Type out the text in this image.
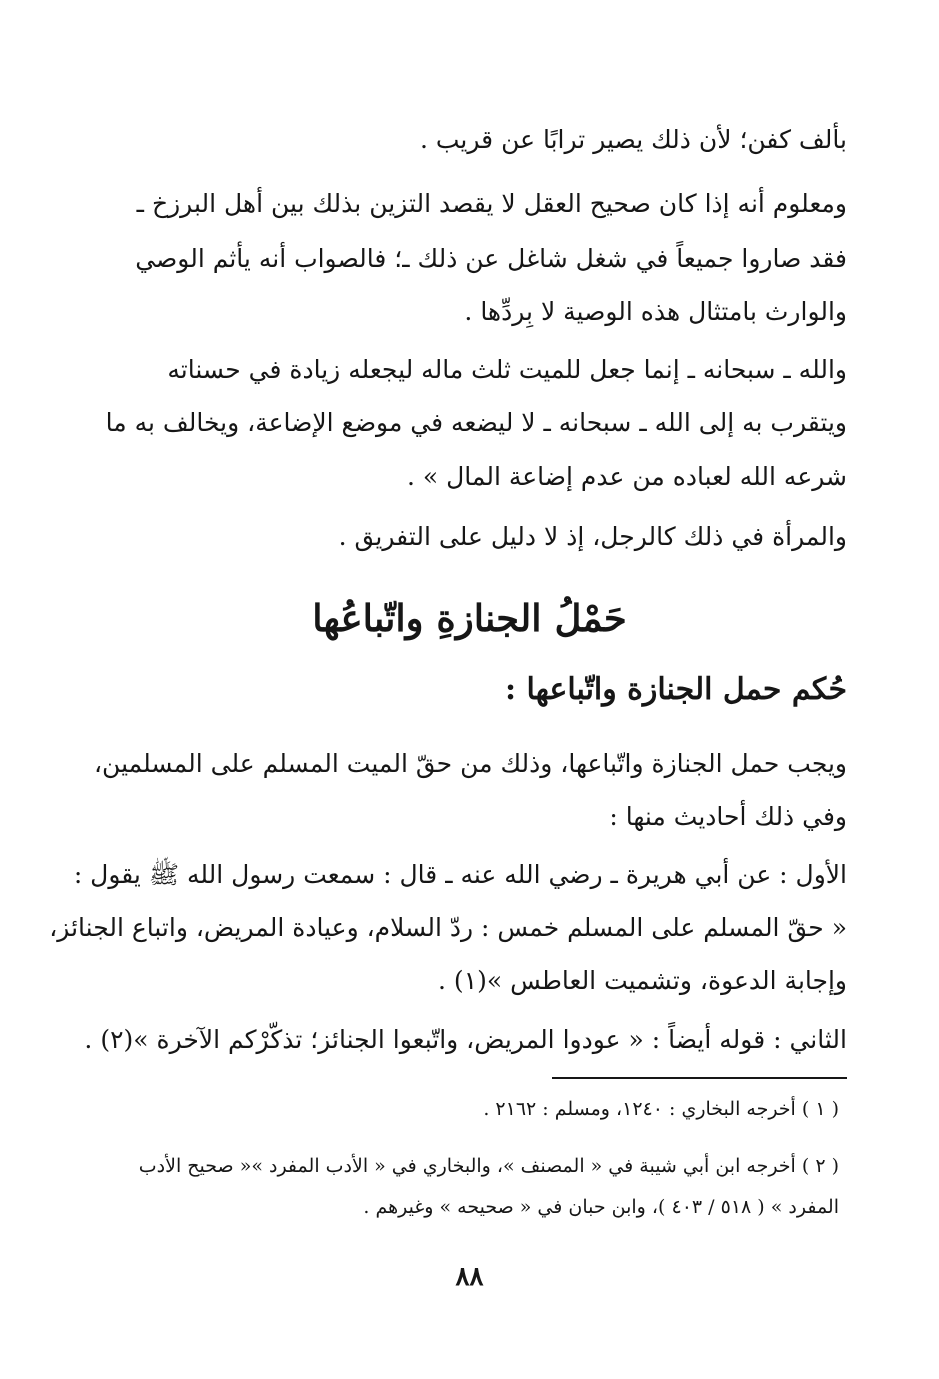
بألف كفن؛ لأن ذلك يصير ترابًا عن قريب .
ومعلوم أنه إذا كان صحيح العقل لا يقصد التزين بذلك بين أهل البرزخ ـ
فقد صاروا جميعاً في شغل شاغل عن ذلك ـ؛ فالصواب أنه يأثم الوصي
والوارث بامتثال هذه الوصية لا بِردِّها .
والله ـ سبحانه ـ إنما جعل للميت ثلث ماله ليجعله زيادة في حسناته
ويتقرب به إلى الله ـ سبحانه ـ لا ليضعه في موضع الإضاعة، ويخالف به ما
شرعه الله لعباده من عدم إضاعة المال » .
والمرأة في ذلك كالرجل، إذ لا دليل على التفريق .
حَمْلُ الجنازةِ واتّباعُها
حُكم حمل الجنازة واتّباعها :
ويجب حمل الجنازة واتّباعها، وذلك من حقّ الميت المسلم على المسلمين،
وفي ذلك أحاديث منها :
الأول : عن أبي هريرة ـ رضي الله عنه ـ قال : سمعت رسول الله ﷺ يقول :
« حقّ المسلم على المسلم خمس : ردّ السلام، وعيادة المريض، واتباع الجنائز،
وإجابة الدعوة، وتشميت العاطس »(١) .
الثاني : قوله أيضاً : « عودوا المريض، واتّبعوا الجنائز؛ تذكّرْكم الآخرة »(٢) .
( ١ ) أخرجه البخاري : ١٢٤٠، ومسلم : ٢١٦٢ .
( ٢ ) أخرجه ابن أبي شيبة في « المصنف »، والبخاري في « الأدب المفرد »« صحيح الأدب
المفرد » ( ٥١٨ / ٤٠٣ )، وابن حبان في « صحيحه » وغيرهم .
٨٨
